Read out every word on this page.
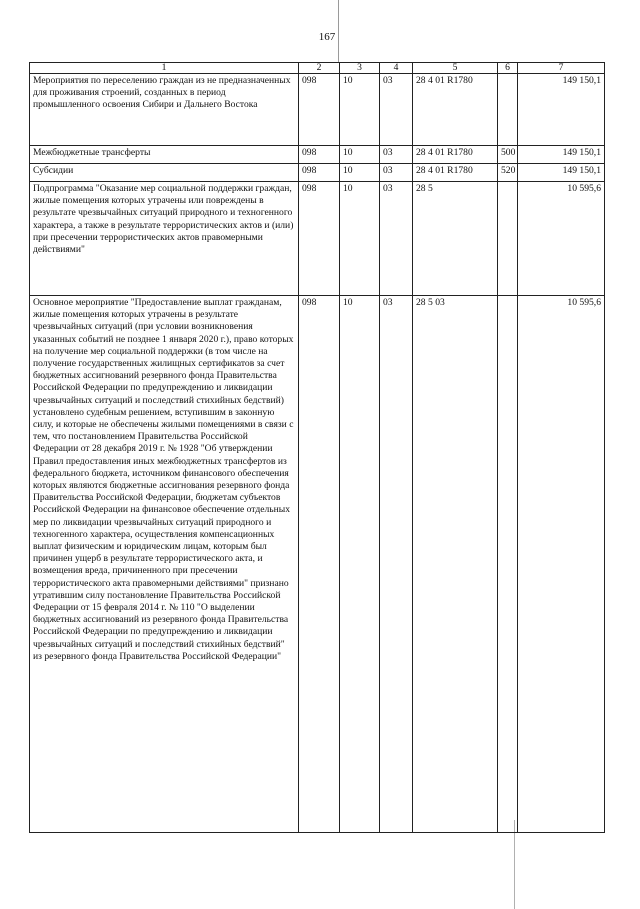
167
1	2	3	4	5	6	7
Мероприятия по переселению граждан из не предназначенных для проживания строений, созданных в период промышленного освоения Сибири и Дальнего Востока	098	10	03	28 4 01 R1780		149 150,1
Межбюджетные трансферты	098	10	03	28 4 01 R1780	500	149 150,1
Субсидии	098	10	03	28 4 01 R1780	520	149 150,1
Подпрограмма "Оказание мер социальной поддержки граждан, жилые помещения которых утрачены или повреждены в результате чрезвычайных ситуаций природного и техногенного характера, а также в результате террористических актов и (или) при пресечении террористических актов правомерными действиями"	098	10	03	28 5		10 595,6
Основное мероприятие "Предоставление выплат гражданам, жилые помещения которых утрачены в результате чрезвычайных ситуаций (при условии возникновения указанных событий не позднее 1 января 2020 г.), право которых на получение мер социальной поддержки (в том числе на получение государственных жилищных сертификатов за счет бюджетных ассигнований резервного фонда Правительства Российской Федерации по предупреждению и ликвидации чрезвычайных ситуаций и последствий стихийных бедствий) установлено судебным решением, вступившим в законную силу, и которые не обеспечены жилыми помещениями в связи с тем, что постановлением Правительства Российской Федерации от 28 декабря 2019 г. № 1928 "Об утверждении Правил предоставления иных межбюджетных трансфертов из федерального бюджета, источником финансового обеспечения которых являются бюджетные ассигнования резервного фонда Правительства Российской Федерации, бюджетам субъектов Российской Федерации на финансовое обеспечение отдельных мер по ликвидации чрезвычайных ситуаций природного и техногенного характера, осуществления компенсационных выплат физическим и юридическим лицам, которым был причинен ущерб в результате террористического акта, и возмещения вреда, причиненного при пресечении террористического акта правомерными действиями" признано утратившим силу постановление Правительства Российской Федерации от 15 февраля 2014 г. № 110 "О выделении бюджетных ассигнований из резервного фонда Правительства Российской Федерации по предупреждению и ликвидации чрезвычайных ситуаций и последствий стихийных бедствий" из резервного фонда Правительства Российской Федерации"	098	10	03	28 5 03		10 595,6
